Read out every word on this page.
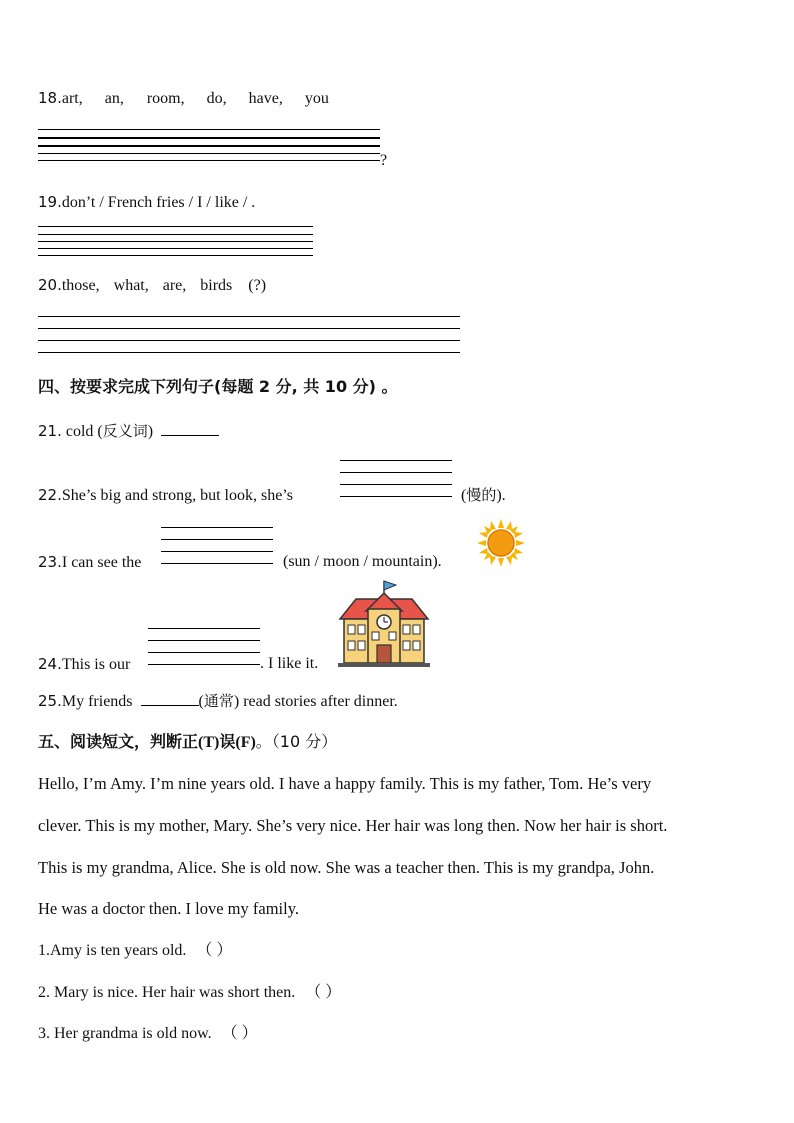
18.art, an, room, do, have, you
?
19.don’t / French fries / I / like / .
20.those, what, are, birds (?)
四、按要求完成下列句子(每题 2 分, 共 10 分) 。
21. cold (反义词)
22.She’s big and strong, but look, she’s	(慢的).
23.I can see the	(sun / moon / mountain).
24.This is our	. I like it.
25.My friends	(通常) read stories after dinner.
五、阅读短文，判断正(T)误(F)。（10 分）
Hello, I’m Amy. I’m nine years old. I have a happy family. This is my father, Tom. He’s very
clever. This is my mother, Mary. She’s very nice. Her hair was long then. Now her hair is short.
This is my grandma, Alice. She is old now. She was a teacher then. This is my grandpa, John.
He was a doctor then. I love my family.
1.Amy is ten years old. （ ）
2. Mary is nice. Her hair was short then. （ ）
3. Her grandma is old now. （ ）
